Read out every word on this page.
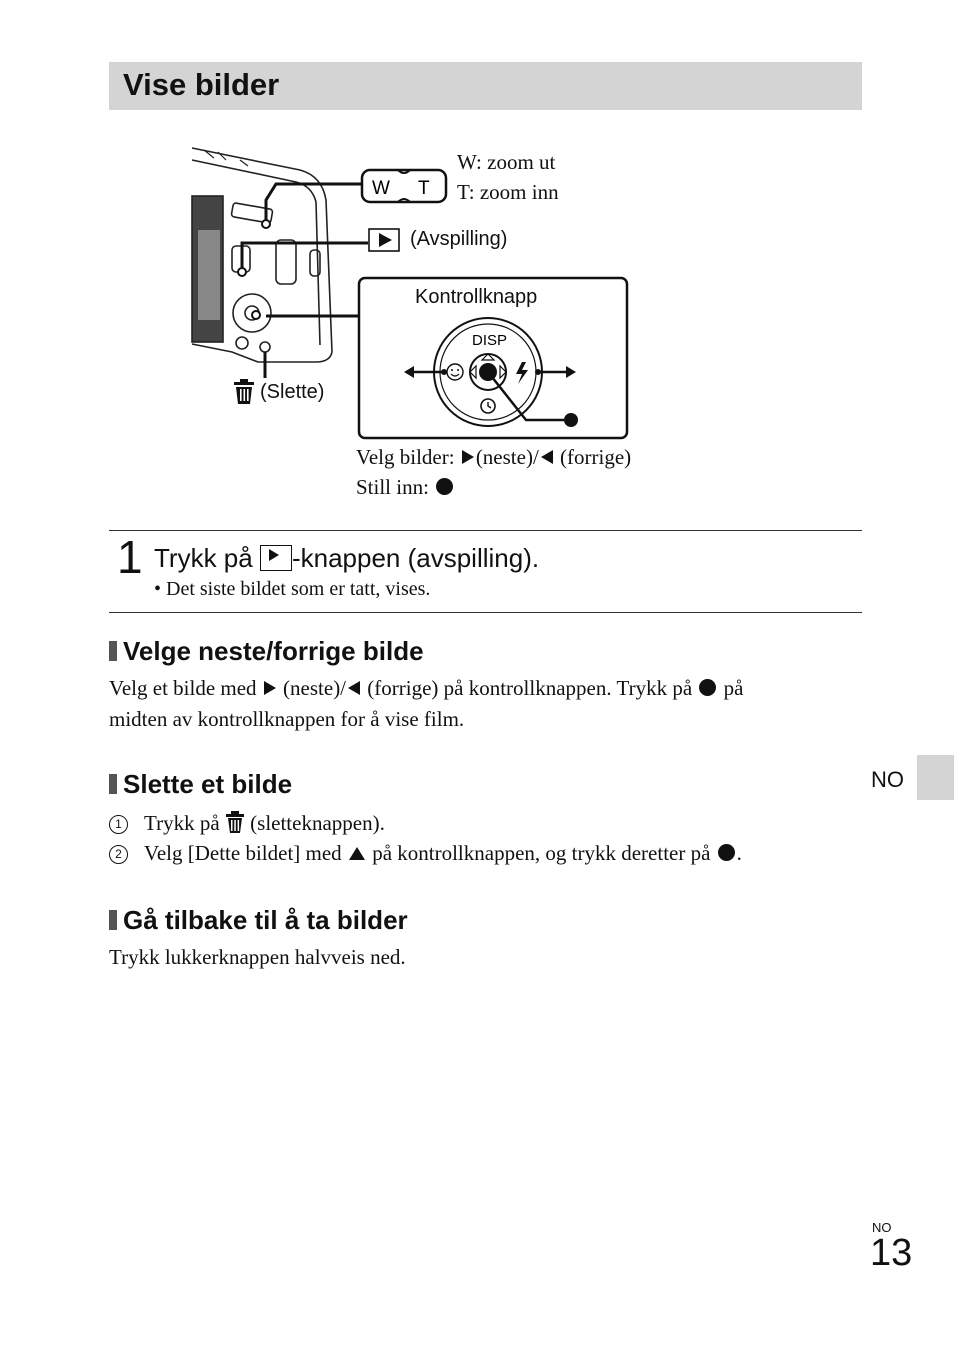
Vise bilder
W T
DISP
W: zoom ut
T: zoom inn
(Avspilling)
(Slette)
Kontrollknapp
Velg bilder: (neste)/ (forrige)
Still inn:
1 Trykk på -knappen (avspilling).
• Det siste bildet som er tatt, vises.
Velge neste/forrige bilde
Velg et bilde med (neste)/ (forrige) på kontrollknappen. Trykk på på
midten av kontrollknappen for å vise film.
Slette et bilde
1 Trykk på (sletteknappen).
2 Velg [Dette bildet] med på kontrollknappen, og trykk deretter på .
Gå tilbake til å ta bilder
Trykk lukkerknappen halvveis ned.
NO
NO
13
